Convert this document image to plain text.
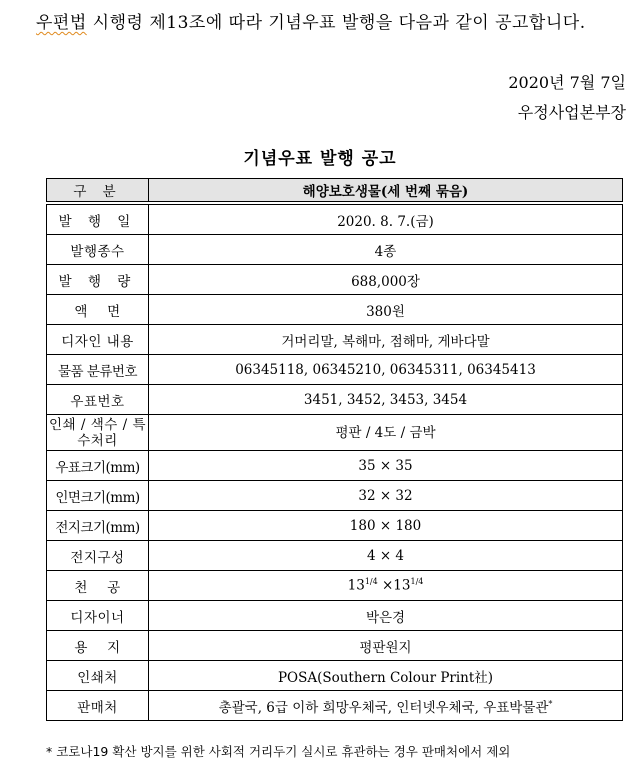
우편법 시행령 제13조에 따라 기념우표 발행을 다음과 같이 공고합니다.
2020년 7월 7일
우정사업본부장
기념우표 발행 공고
구 분	해양보호생물(세 번째 묶음)
발 행 일	2020. 8. 7.(금)
발행종수	4종
발 행 량	688,000장
액    면	380원
디자인 내용	거머리말, 복해마, 점해마, 게바다말
물품 분류번호	06345118, 06345210, 06345311, 06345413
우표번호	3451, 3452, 3453, 3454
인쇄 / 색수 / 특수처리	평판 / 4도 / 금박
우표크기(mm)	35 × 35
인면크기(mm)	32 × 32
전지크기(mm)	180 × 180
전지구성	4 × 4
천    공	$13^{1/4} \times 13^{1/4}$
디자이너	박은경
용    지	평판원지
인쇄처	POSA(Southern Colour Print社)
판매처	총괄국, 6급 이하 희망우체국, 인터넷우체국, 우표박물관*
* 코로나19 확산 방지를 위한 사회적 거리두기 실시로 휴관하는 경우 판매처에서 제외
